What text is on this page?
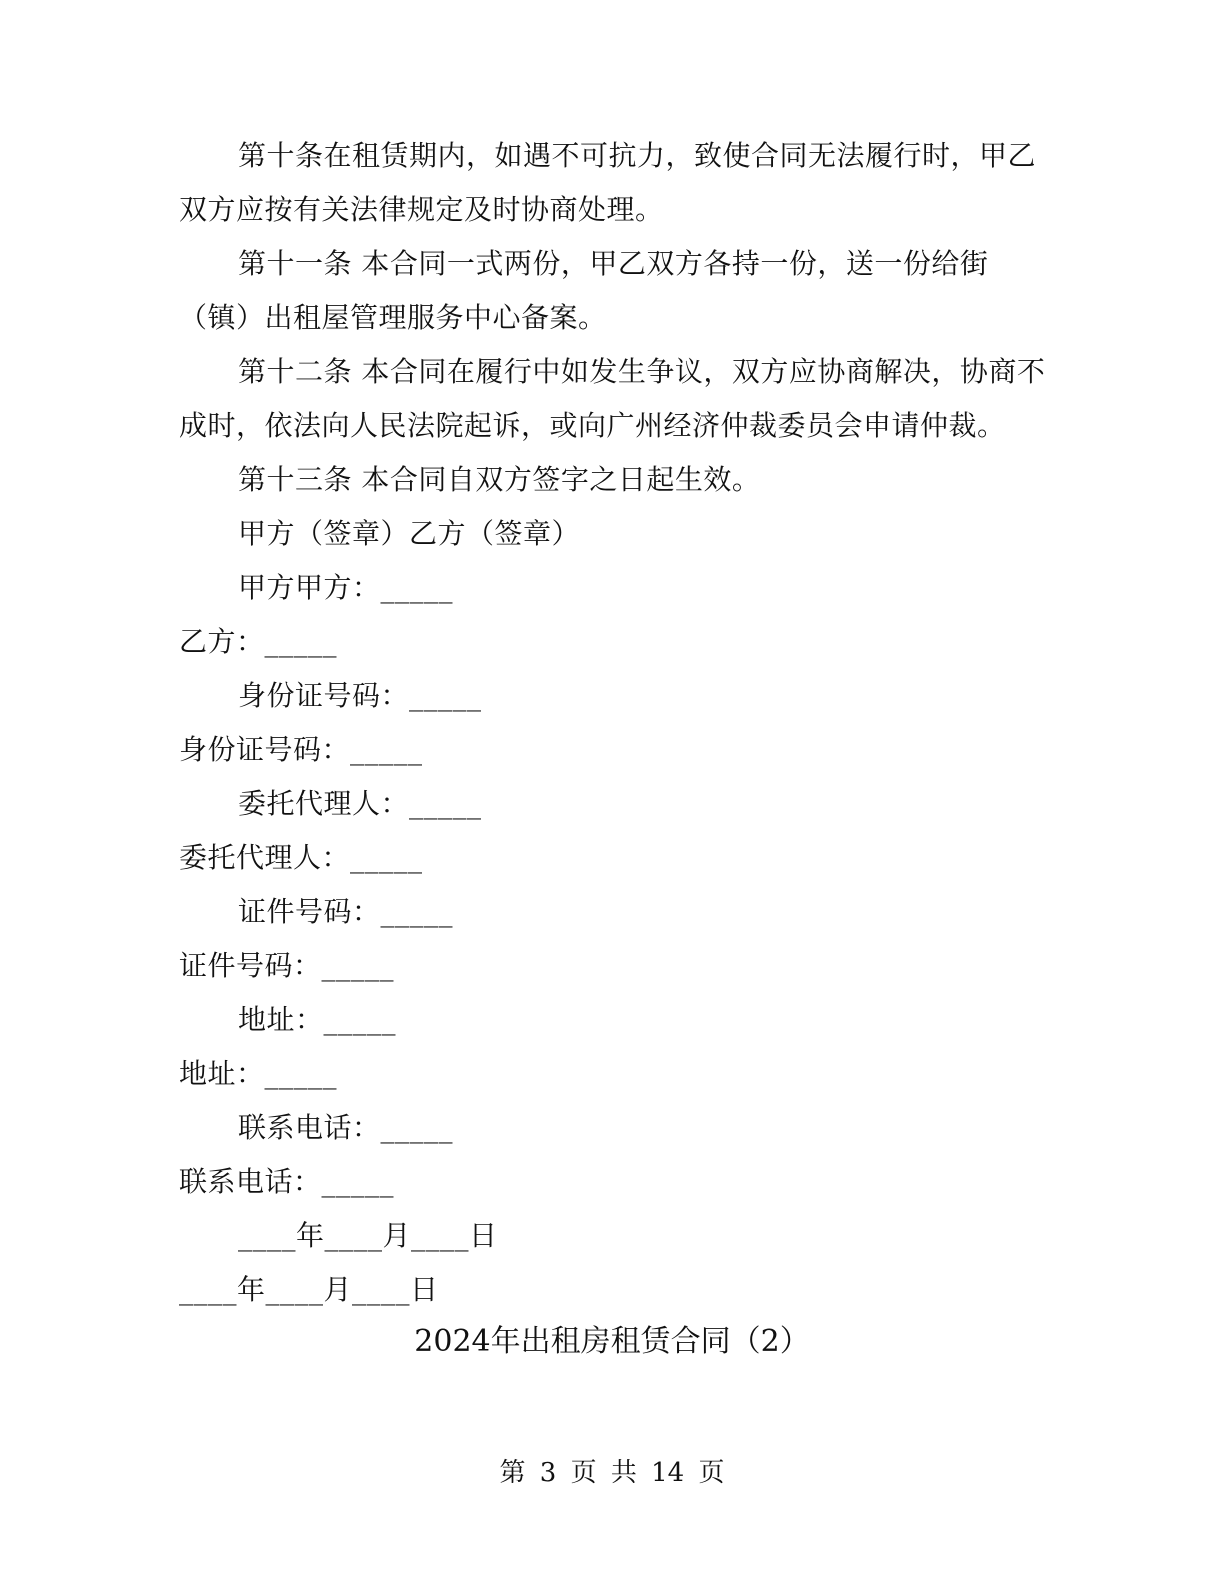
第十条在租赁期内，如遇不可抗力，致使合同无法履行时，甲乙
双方应按有关法律规定及时协商处理。
第十一条 本合同一式两份，甲乙双方各持一份，送一份给街
（镇）出租屋管理服务中心备案。
第十二条 本合同在履行中如发生争议，双方应协商解决，协商不
成时，依法向人民法院起诉，或向广州经济仲裁委员会申请仲裁。
第十三条 本合同自双方签字之日起生效。
甲方（签章）乙方（签章）
甲方甲方：_____
乙方：_____
身份证号码：_____
身份证号码：_____
委托代理人：_____
委托代理人：_____
证件号码：_____
证件号码：_____
地址：_____
地址：_____
联系电话：_____
联系电话：_____
____年____月____日
____年____月____日
2024年出租房租赁合同（2）
第 3 页 共 14 页
